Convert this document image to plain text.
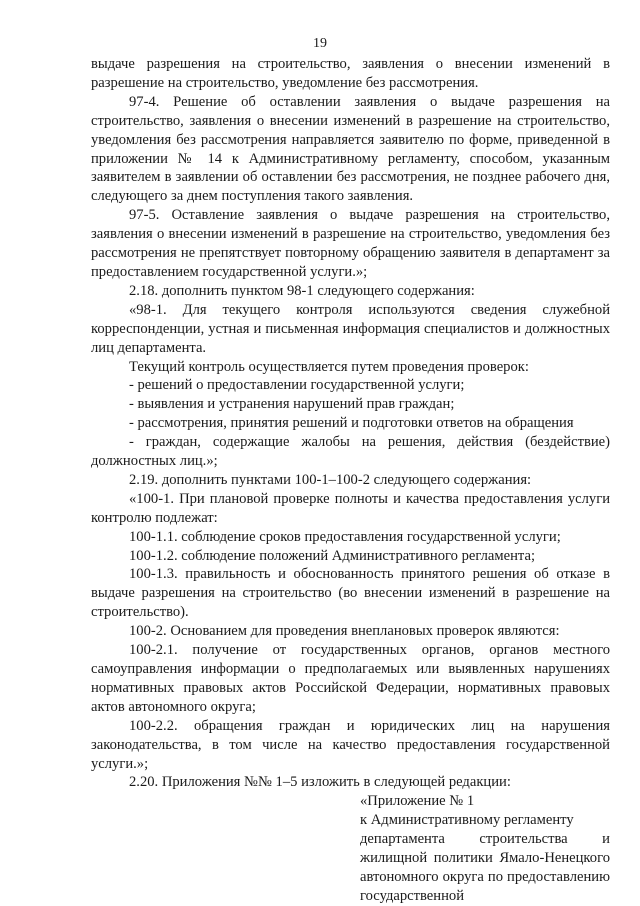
19

выдаче разрешения на строительство, заявления о внесении изменений в разрешение на строительство, уведомление без рассмотрения.

97-4. Решение об оставлении заявления о выдаче разрешения на строительство, заявления о внесении изменений в разрешение на строительство, уведомления без рассмотрения направляется заявителю по форме, приведенной в приложении № 14 к Административному регламенту, способом, указанным заявителем в заявлении об оставлении без рассмотрения, не позднее рабочего дня, следующего за днем поступления такого заявления.

97-5. Оставление заявления о выдаче разрешения на строительство, заявления о внесении изменений в разрешение на строительство, уведомления без рассмотрения не препятствует повторному обращению заявителя в департамент за предоставлением государственной услуги.»;

2.18. дополнить пунктом 98-1 следующего содержания:

«98-1. Для текущего контроля используются сведения служебной корреспонденции, устная и письменная информация специалистов и должностных лиц департамента.

Текущий контроль осуществляется путем проведения проверок:

- решений о предоставлении государственной услуги;

- выявления и устранения нарушений прав граждан;

- рассмотрения, принятия решений и подготовки ответов на обращения

- граждан, содержащие жалобы на решения, действия (бездействие) должностных лиц.»;

2.19. дополнить пунктами 100-1–100-2 следующего содержания:

«100-1. При плановой проверке полноты и качества предоставления услуги контролю подлежат:

100-1.1. соблюдение сроков предоставления государственной услуги;

100-1.2. соблюдение положений Административного регламента;

100-1.3. правильность и обоснованность принятого решения об отказе в выдаче разрешения на строительство (во внесении изменений в разрешение на строительство).

100-2. Основанием для проведения внеплановых проверок являются:

100-2.1. получение от государственных органов, органов местного самоуправления информации о предполагаемых или выявленных нарушениях нормативных правовых актов Российской Федерации, нормативных правовых актов автономного округа;

100-2.2. обращения граждан и юридических лиц на нарушения законодательства, в том числе на качество предоставления государственной услуги.»;

2.20. Приложения №№ 1–5 изложить в следующей редакции:

«Приложение № 1

к Административному регламенту

департамента строительства и жилищной политики Ямало-Ненецкого автономного округа по предоставлению государственной
